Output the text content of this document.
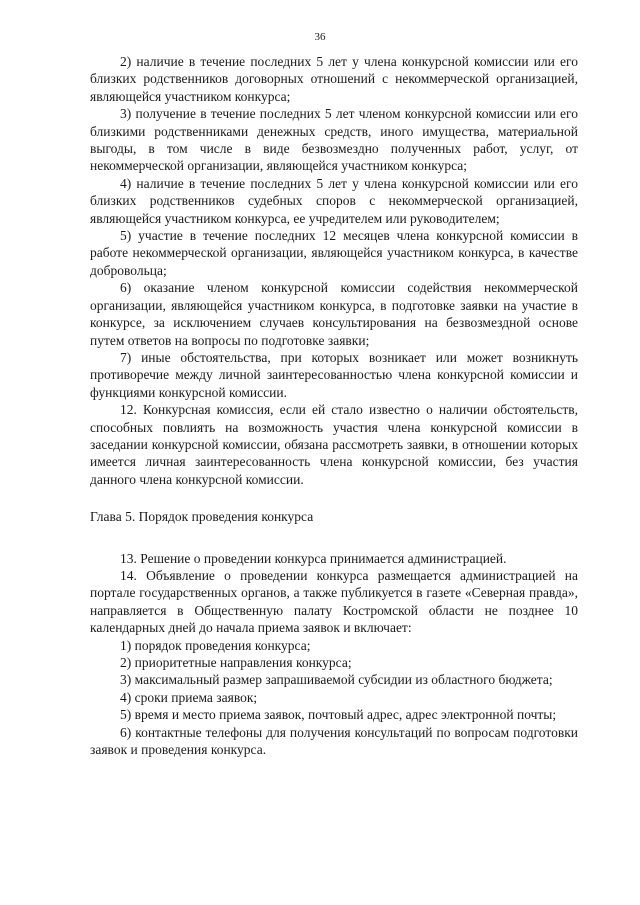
36

2) наличие в течение последних 5 лет у члена конкурсной комиссии или его близких родственников договорных отношений с некоммерческой организацией, являющейся участником конкурса;

3) получение в течение последних 5 лет членом конкурсной комиссии или его близкими родственниками денежных средств, иного имущества, материальной выгоды, в том числе в виде безвозмездно полученных работ, услуг, от некоммерческой организации, являющейся участником конкурса;

4) наличие в течение последних 5 лет у члена конкурсной комиссии или его близких родственников судебных споров с некоммерческой организацией, являющейся участником конкурса, ее учредителем или руководителем;

5) участие в течение последних 12 месяцев члена конкурсной комиссии в работе некоммерческой организации, являющейся участником конкурса, в качестве добровольца;

6) оказание членом конкурсной комиссии содействия некоммерческой организации, являющейся участником конкурса, в подготовке заявки на участие в конкурсе, за исключением случаев консультирования на безвозмездной основе путем ответов на вопросы по подготовке заявки;

7) иные обстоятельства, при которых возникает или может возникнуть противоречие между личной заинтересованностью члена конкурсной комиссии и функциями конкурсной комиссии.

12. Конкурсная комиссия, если ей стало известно о наличии обстоятельств, способных повлиять на возможность участия члена конкурсной комиссии в заседании конкурсной комиссии, обязана рассмотреть заявки, в отношении которых имеется личная заинтересованность члена конкурсной комиссии, без участия данного члена конкурсной комиссии.

Глава 5. Порядок проведения конкурса

13. Решение о проведении конкурса принимается администрацией.

14. Объявление о проведении конкурса размещается администрацией на портале государственных органов, а также публикуется в газете «Северная правда», направляется в Общественную палату Костромской области не позднее 10 календарных дней до начала приема заявок и включает:

1) порядок проведения конкурса;

2) приоритетные направления конкурса;

3) максимальный размер запрашиваемой субсидии из областного бюджета;

4) сроки приема заявок;

5) время и место приема заявок, почтовый адрес, адрес электронной почты;

6) контактные телефоны для получения консультаций по вопросам подготовки заявок и проведения конкурса.
